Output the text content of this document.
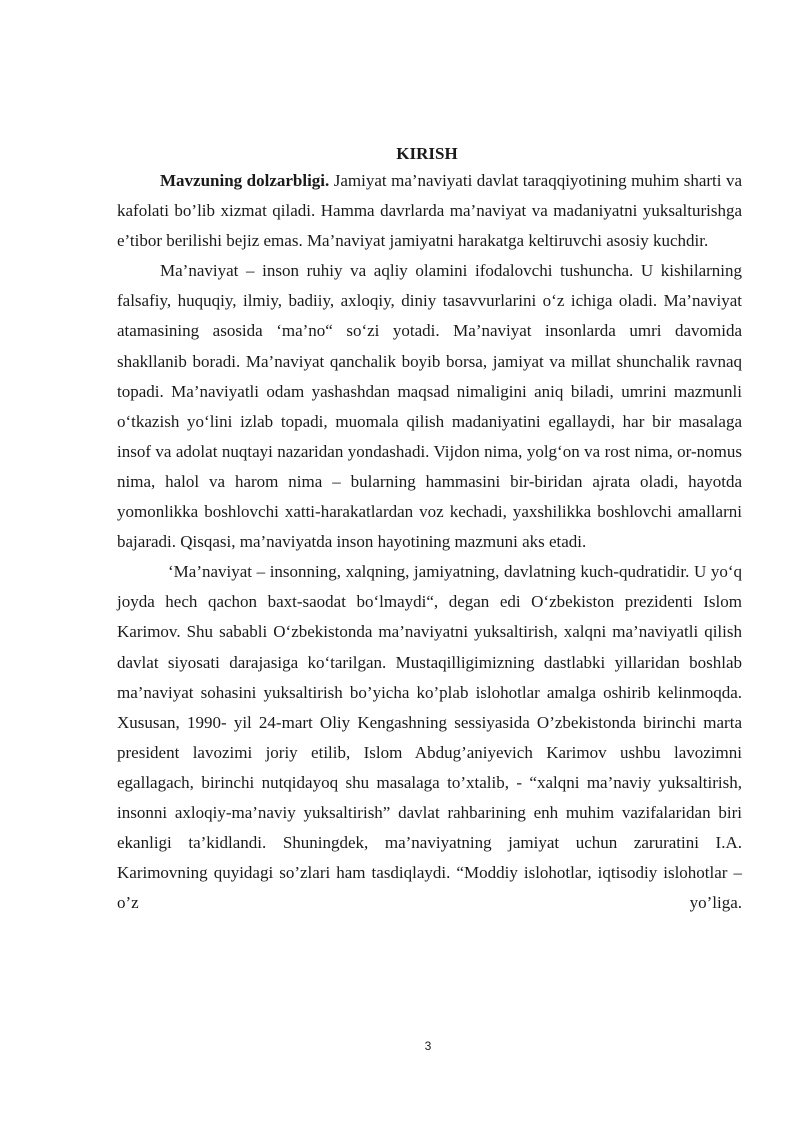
KIRISH

Mavzuning dolzarbligi. Jamiyat ma’naviyati davlat taraqqiyotining muhim sharti va kafolati bo’lib xizmat qiladi. Hamma davrlarda ma’naviyat va madaniyatni yuksalturishga e’tibor berilishi bejiz emas. Ma’naviyat jamiyatni harakatga keltiruvchi asosiy kuchdir.

Ma’naviyat – inson ruhiy va aqliy olamini ifodalovchi tushuncha. U kishilarning falsafiy, huquqiy, ilmiy, badiiy, axloqiy, diniy tasavvurlarini o‘z ichiga oladi. Ma’naviyat atamasining asosida ‘ma’no“ so‘zi yotadi. Ma’naviyat insonlarda umri davomida shakllanib boradi. Ma’naviyat qanchalik boyib borsa, jamiyat va millat shunchalik ravnaq topadi. Ma’naviyatli odam yashashdan maqsad nimaligini aniq biladi, umrini mazmunli o‘tkazish yo‘lini izlab topadi, muomala qilish madaniyatini egallaydi, har bir masalaga insof va adolat nuqtayi nazaridan yondashadi. Vijdon nima, yolg‘on va rost nima, or-nomus nima, halol va harom nima – bularning hammasini bir-biridan ajrata oladi, hayotda yomonlikka boshlovchi xatti-harakatlardan voz kechadi, yaxshilikka boshlovchi amallarni bajaradi. Qisqasi, ma’naviyatda inson hayotining mazmuni aks etadi.

‘Ma’naviyat – insonning, xalqning, jamiyatning, davlatning kuch-qudratidir. U yo‘q joyda hech qachon baxt-saodat bo‘lmaydi“, degan edi O‘zbekiston prezidenti Islom Karimov. Shu sababli O‘zbekistonda ma’naviyatni yuksaltirish, xalqni ma’naviyatli qilish davlat siyosati darajasiga ko‘tarilgan. Mustaqilligimizning dastlabki yillaridan boshlab ma’naviyat sohasini yuksaltirish bo’yicha ko’plab islohotlar amalga oshirib kelinmoqda. Xususan, 1990- yil 24-mart Oliy Kengashning sessiyasida O’zbekistonda birinchi marta president lavozimi joriy etilib, Islom Abdug’aniyevich Karimov ushbu lavozimni egallagach, birinchi nutqidayoq shu masalaga to’xtalib, - “xalqni ma’naviy yuksaltirish, insonni axloqiy-ma’naviy yuksaltirish” davlat rahbarining enh muhim vazifalaridan biri ekanligi ta’kidlandi. Shuningdek, ma’naviyatning jamiyat uchun zaruratini I.A. Karimovning quyidagi so’zlari ham tasdiqlaydi. “Moddiy islohotlar, iqtisodiy islohotlar – o’z yo’liga.

3
